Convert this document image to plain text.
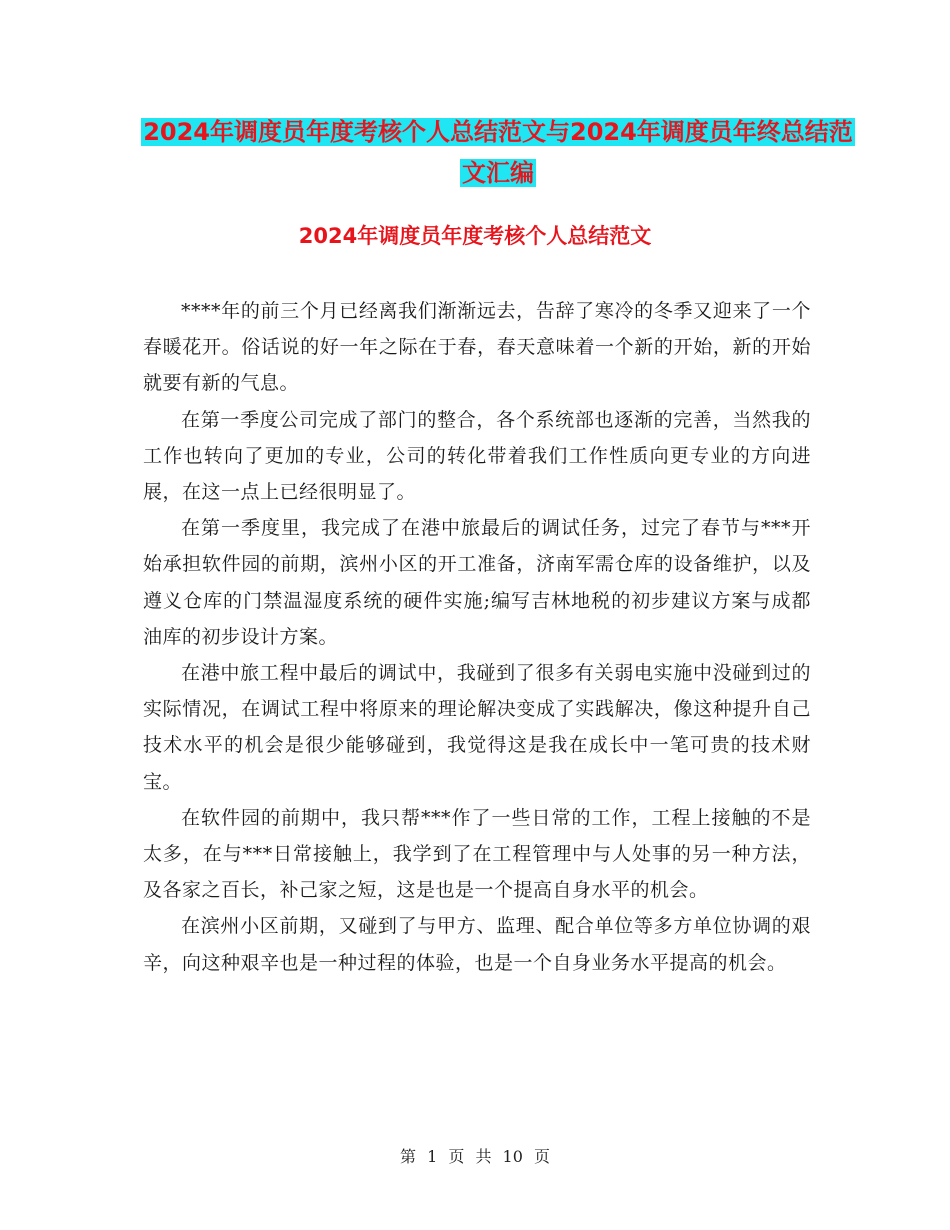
2024年调度员年度考核个人总结范文与2024年调度员年终总结范文汇编
2024年调度员年度考核个人总结范文

****年的前三个月已经离我们渐渐远去，告辞了寒冷的冬季又迎来了一个春暖花开。俗话说的好一年之际在于春，春天意味着一个新的开始，新的开始就要有新的气息。

在第一季度公司完成了部门的整合，各个系统部也逐渐的完善，当然我的工作也转向了更加的专业，公司的转化带着我们工作性质向更专业的方向进展，在这一点上已经很明显了。

在第一季度里，我完成了在港中旅最后的调试任务，过完了春节与***开始承担软件园的前期，滨州小区的开工准备，济南军需仓库的设备维护，以及遵义仓库的门禁温湿度系统的硬件实施;编写吉林地税的初步建议方案与成都油库的初步设计方案。

在港中旅工程中最后的调试中，我碰到了很多有关弱电实施中没碰到过的实际情况，在调试工程中将原来的理论解决变成了实践解决，像这种提升自己技术水平的机会是很少能够碰到，我觉得这是我在成长中一笔可贵的技术财宝。

在软件园的前期中，我只帮***作了一些日常的工作，工程上接触的不是太多，在与***日常接触上，我学到了在工程管理中与人处事的另一种方法，及各家之百长，补己家之短，这是也是一个提高自身水平的机会。

在滨州小区前期，又碰到了与甲方、监理、配合单位等多方单位协调的艰辛，向这种艰辛也是一种过程的体验，也是一个自身业务水平提高的机会。

第 1 页 共 10 页
